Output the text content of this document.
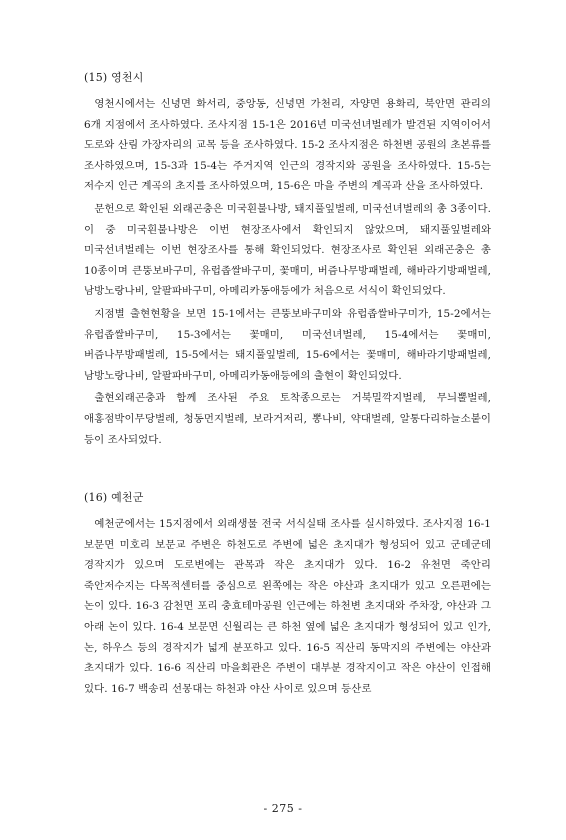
(15) 영천시

영천시에서는 신녕면 화서리, 중앙동, 신녕면 가천리, 자양면 용화리, 북안면 관리의 6개 지점에서 조사하였다. 조사지점 15-1은 2016년 미국선녀벌레가 발견된 지역이어서 도로와 산림 가장자리의 교목 등을 조사하였다. 15-2 조사지점은 하천변 공원의 초본류를 조사하였으며, 15-3과 15-4는 주거지역 인근의 경작지와 공원을 조사하였다. 15-5는 저수지 인근 계곡의 초지를 조사하였으며, 15-6은 마을 주변의 계곡과 산을 조사하였다.

문헌으로 확인된 외래곤충은 미국흰불나방, 돼지풀잎벌레, 미국선녀벌레의 총 3종이다. 이 중 미국흰불나방은 이번 현장조사에서 확인되지 않았으며, 돼지풀잎벌레와 미국선녀벌레는 이번 현장조사를 통해 확인되었다. 현장조사로 확인된 외래곤충은 총 10종이며 큰뚱보바구미, 유럽좁쌀바구미, 꽃매미, 버즘나무방패벌레, 해바라기방패벌레, 남방노랑나비, 알팔파바구미, 아메리카동애등에가 처음으로 서식이 확인되었다.

지점별 출현현황을 보면 15-1에서는 큰뚱보바구미와 유럽좁쌀바구미가, 15-2에서는 유럽좁쌀바구미, 15-3에서는 꽃매미, 미국선녀벌레, 15-4에서는 꽃매미, 버즘나무방패벌레, 15-5에서는 돼지풀잎벌레, 15-6에서는 꽃매미, 해바라기방패벌레, 남방노랑나비, 알팔파바구미, 아메리카동애등에의 출현이 확인되었다.

출현외래곤충과 함께 조사된 주요 토착종으로는 거북밀깍지벌레, 무늬뿔벌레, 애홍점박이무당벌레, 청동먼지벌레, 보라거저리, 뽕나비, 약대벌레, 알통다리하늘소붙이 등이 조사되었다.

(16) 예천군

예천군에서는 15지점에서 외래생물 전국 서식실태 조사를 실시하였다. 조사지점 16-1 보문면 미호리 보문교 주변은 하천도로 주변에 넓은 초지대가 형성되어 있고 군데군데 경작지가 있으며 도로변에는 관목과 작은 초지대가 있다. 16-2 유천면 죽안리 죽안저수지는 다목적센터를 중심으로 왼쪽에는 작은 야산과 초지대가 있고 오른편에는 논이 있다. 16-3 감천면 포리 충효테마공원 인근에는 하천변 초지대와 주차장, 야산과 그 아래 논이 있다. 16-4 보문면 신월리는 큰 하천 옆에 넓은 초지대가 형성되어 있고 인가, 논, 하우스 등의 경작지가 넓게 분포하고 있다. 16-5 직산리 동막지의 주변에는 야산과 초지대가 있다. 16-6 직산리 마을회관은 주변이 대부분 경작지이고 작은 야산이 인접해 있다. 16-7 백송리 선몽대는 하천과 야산 사이로 있으며 등산로

- 275 -
